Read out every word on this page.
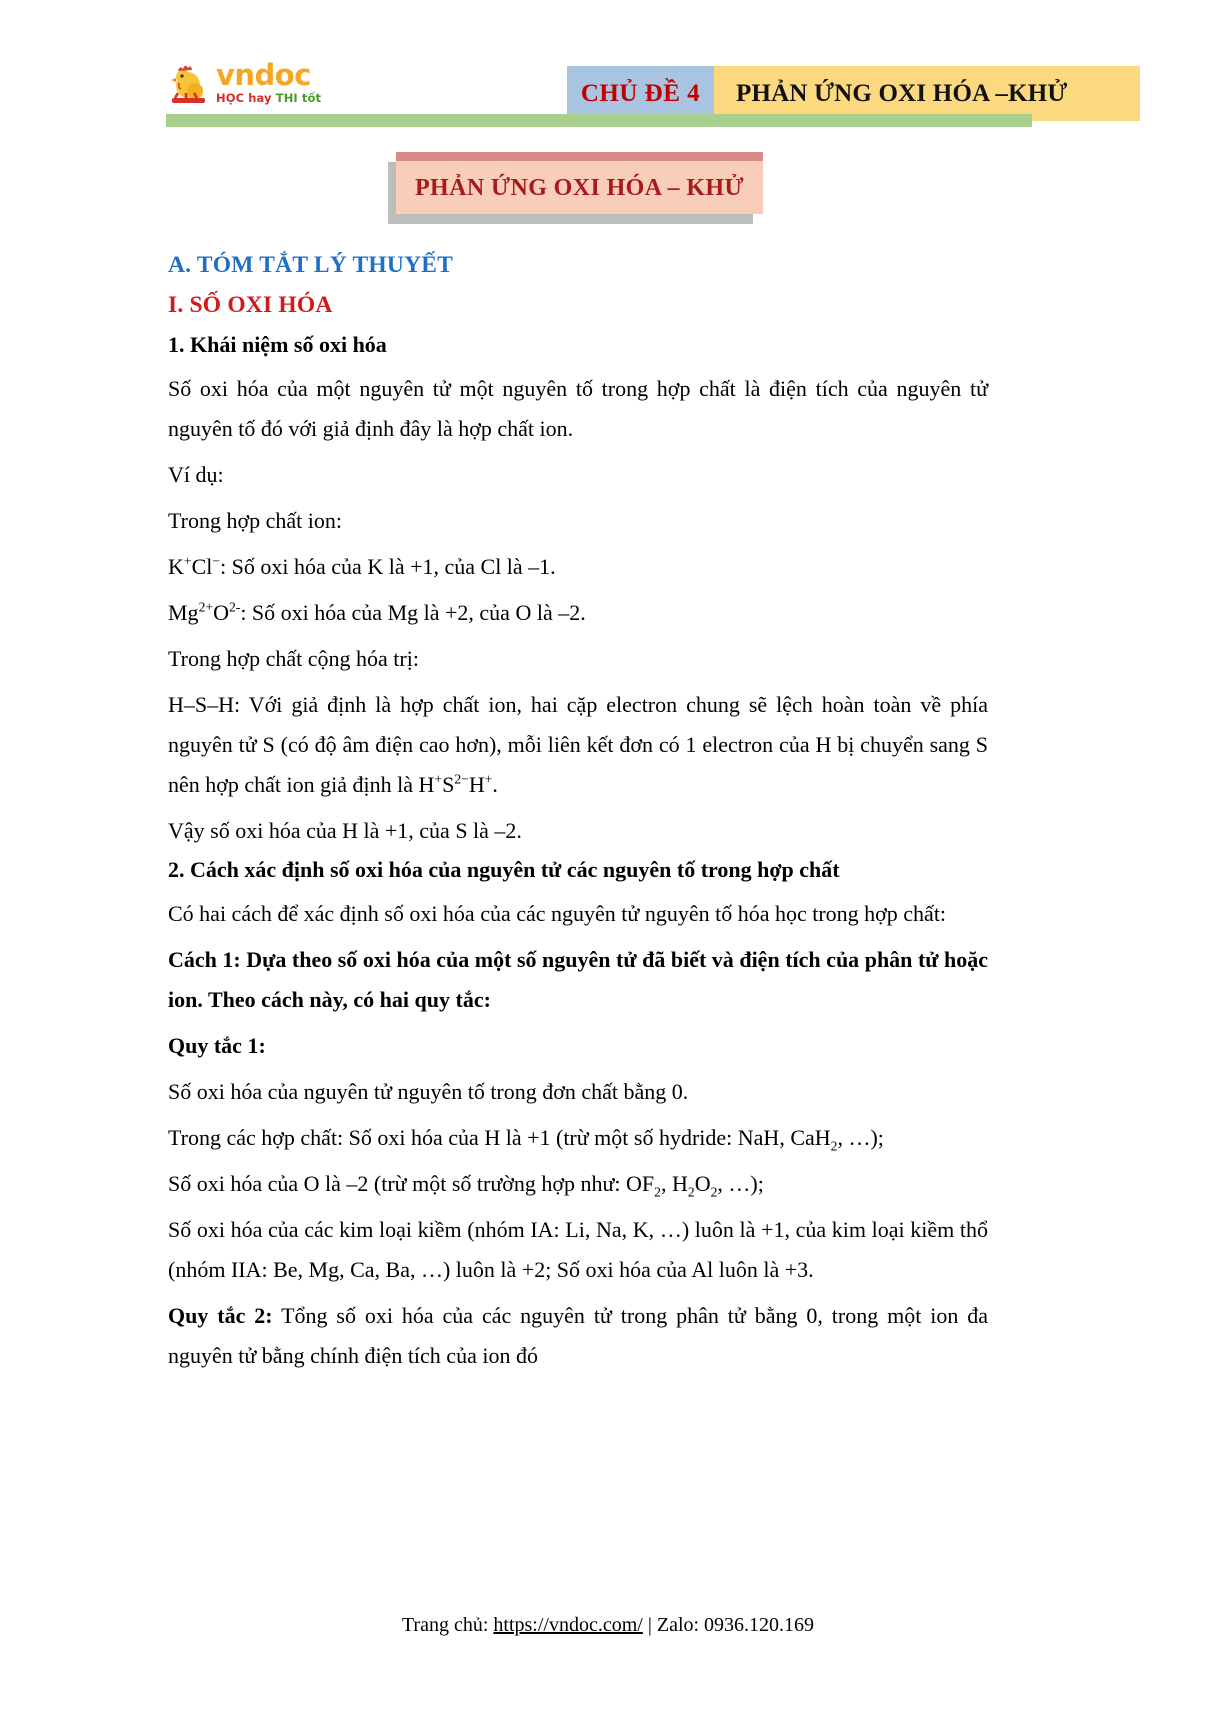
vndoc
HỌC hay THI tốt	CHỦ ĐỀ 4 PHẢN ỨNG OXI HÓA –KHỬ
PHẢN ỨNG OXI HÓA – KHỬ
A. TÓM TẮT LÝ THUYẾT
I. SỐ OXI HÓA
1. Khái niệm số oxi hóa

Số oxi hóa của một nguyên tử một nguyên tố trong hợp chất là điện tích của nguyên tử nguyên tố đó với giả định đây là hợp chất ion.

Ví dụ:

Trong hợp chất ion:

K+Cl−: Số oxi hóa của K là +1, của Cl là –1.

$Mg^{2+}O^{2-}$: Số oxi hóa của Mg là +2, của O là –2.

Trong hợp chất cộng hóa trị:

H–S–H: Với giả định là hợp chất ion, hai cặp electron chung sẽ lệch hoàn toàn về phía nguyên tử S (có độ âm điện cao hơn), mỗi liên kết đơn có 1 electron của H bị chuyển sang S nên hợp chất ion giả định là $H^+S^{2-}H^+$.

Vậy số oxi hóa của H là +1, của S là –2.

2. Cách xác định số oxi hóa của nguyên tử các nguyên tố trong hợp chất

Có hai cách để xác định số oxi hóa của các nguyên tử nguyên tố hóa học trong hợp chất:

Cách 1: Dựa theo số oxi hóa của một số nguyên tử đã biết và điện tích của phân tử hoặc ion. Theo cách này, có hai quy tắc:

Quy tắc 1:

Số oxi hóa của nguyên tử nguyên tố trong đơn chất bằng 0.

Trong các hợp chất: Số oxi hóa của H là +1 (trừ một số hydride: NaH, CaH$_2$, …);

Số oxi hóa của O là –2 (trừ một số trường hợp như: $OF_2$, $H_2O_2$, …);

Số oxi hóa của các kim loại kiềm (nhóm IA: Li, Na, K, …) luôn là +1, của kim loại kiềm thổ (nhóm IIA: Be, Mg, Ca, Ba, …) luôn là +2; Số oxi hóa của Al luôn là +3.

Quy tắc 2: Tổng số oxi hóa của các nguyên tử trong phân tử bằng 0, trong một ion đa nguyên tử bằng chính điện tích của ion đó

Trang chủ: https://vndoc.com/ | Zalo: 0936.120.169
